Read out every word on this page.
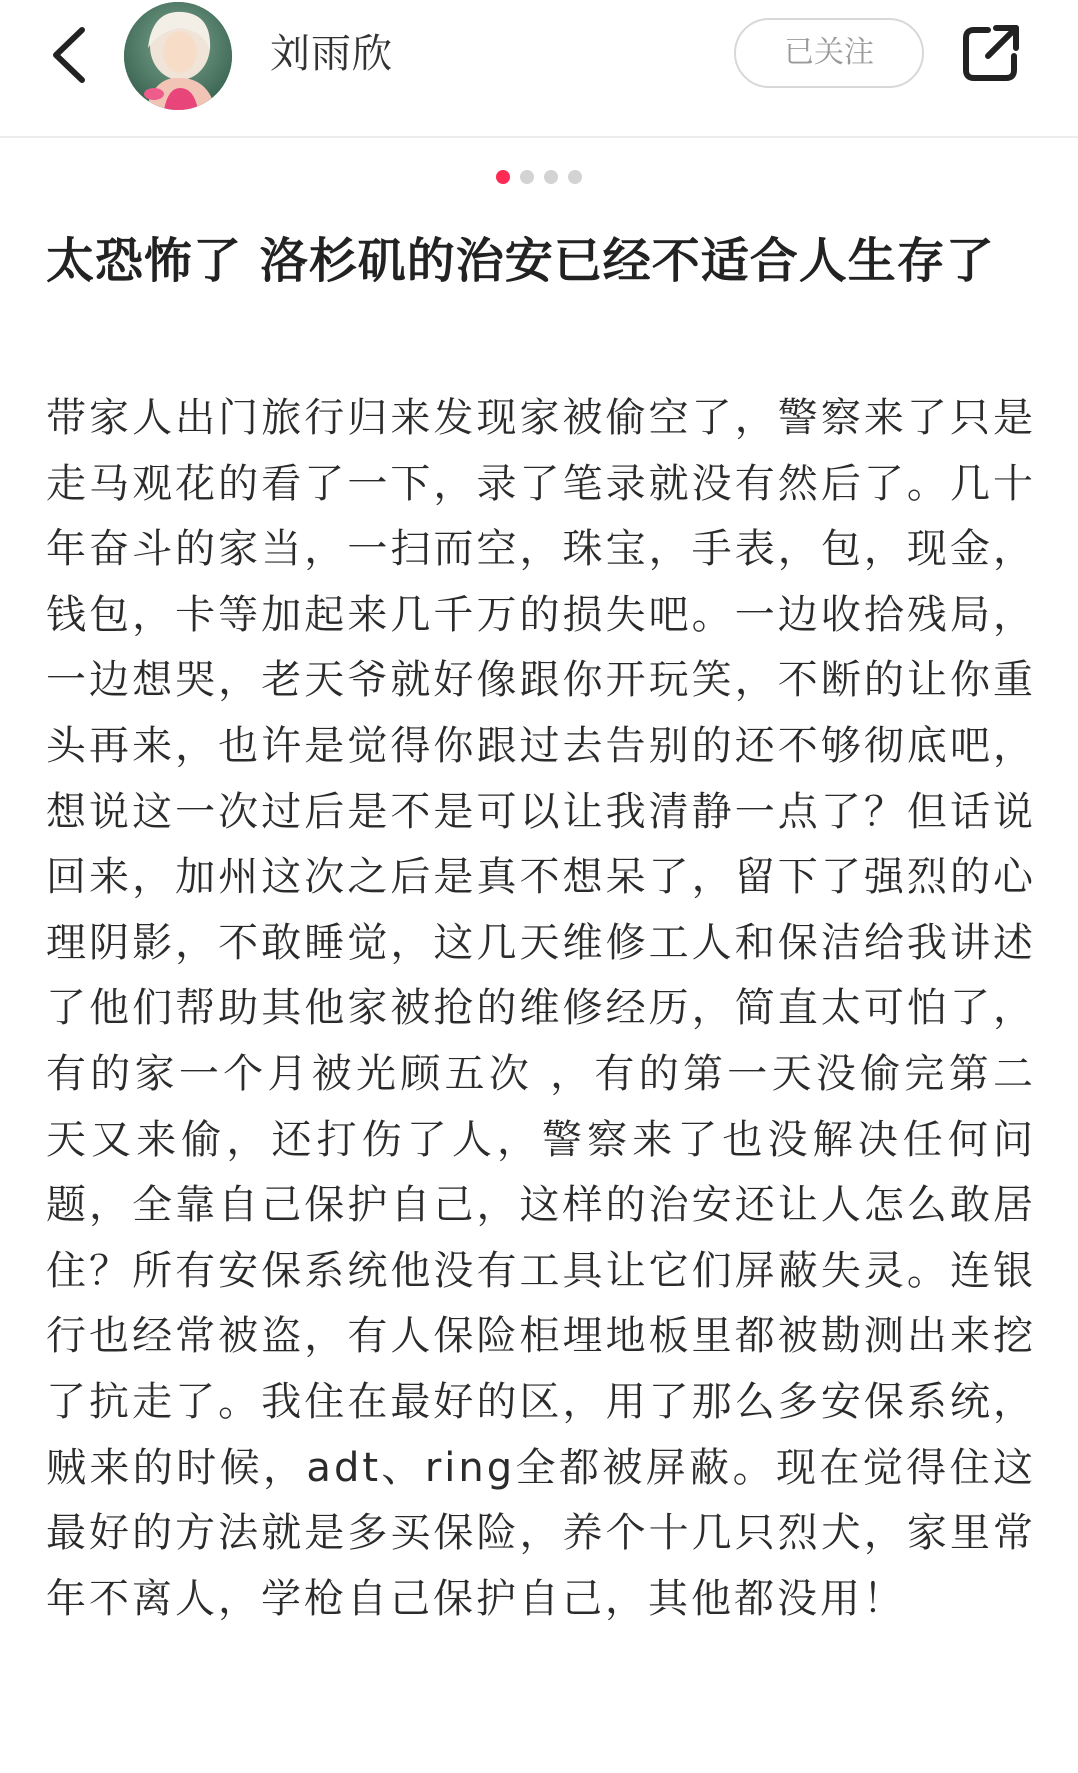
刘雨欣	已关注
太恐怖了 洛杉矶的治安已经不适合人生存了

带家人出门旅行归来发现家被偷空了，警察来了只是走马观花的看了一下，录了笔录就没有然后了。几十年奋斗的家当，一扫而空，珠宝，手表，包，现金，钱包，卡等加起来几千万的损失吧。一边收拾残局，一边想哭，老天爷就好像跟你开玩笑，不断的让你重头再来，也许是觉得你跟过去告别的还不够彻底吧，想说这一次过后是不是可以让我清静一点了？但话说回来，加州这次之后是真不想呆了，留下了强烈的心理阴影，不敢睡觉，这几天维修工人和保洁给我讲述了他们帮助其他家被抢的维修经历，简直太可怕了，有的家一个月被光顾五次 ，有的第一天没偷完第二天又来偷，还打伤了人，警察来了也没解决任何问题，全靠自己保护自己，这样的治安还让人怎么敢居住？所有安保系统他没有工具让它们屏蔽失灵。连银行也经常被盗，有人保险柜埋地板里都被勘测出来挖了抗走了。我住在最好的区，用了那么多安保系统，贼来的时候，adt、ring全都被屏蔽。现在觉得住这最好的方法就是多买保险，养个十几只烈犬，家里常年不离人，学枪自己保护自己，其他都没用！
